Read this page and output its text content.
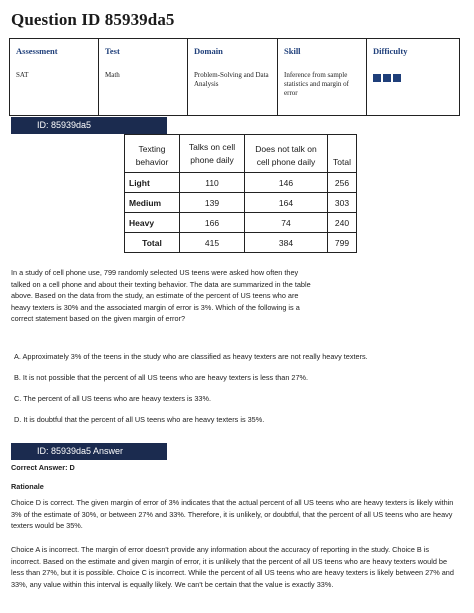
Question ID 85939da5
Assessment
SAT
Test
Math
Domain
Problem-Solving and Data Analysis
Skill
Inference from sample statistics and margin of error
Difficulty
ID: 85939da5
Texting behavior	Talks on cell phone daily	Does not talk on cell phone daily	Total
Light	110	146	256
Medium	139	164	303
Heavy	166	74	240
Total	415	384	799
In a study of cell phone use, 799 randomly selected US teens were asked how often they talked on a cell phone and about their texting behavior. The data are summarized in the table above. Based on the data from the study, an estimate of the percent of US teens who are heavy texters is 30% and the associated margin of error is 3%. Which of the following is a correct statement based on the given margin of error?
A. Approximately 3% of the teens in the study who are classified as heavy texters are not really heavy texters.
B. It is not possible that the percent of all US teens who are heavy texters is less than 27%.
C. The percent of all US teens who are heavy texters is 33%.
D. It is doubtful that the percent of all US teens who are heavy texters is 35%.
ID: 85939da5 Answer
Correct Answer: D
Rationale
Choice D is correct. The given margin of error of 3% indicates that the actual percent of all US teens who are heavy texters is likely within 3% of the estimate of 30%, or between 27% and 33%. Therefore, it is unlikely, or doubtful, that the percent of all US teens who are heavy texters would be 35%.
Choice A is incorrect. The margin of error doesn't provide any information about the accuracy of reporting in the study. Choice B is incorrect. Based on the estimate and given margin of error, it is unlikely that the percent of all US teens who are heavy texters would be less than 27%, but it is possible. Choice C is incorrect. While the percent of all US teens who are heavy texters is likely between 27% and 33%, any value within this interval is equally likely. We can't be certain that the value is exactly 33%.
